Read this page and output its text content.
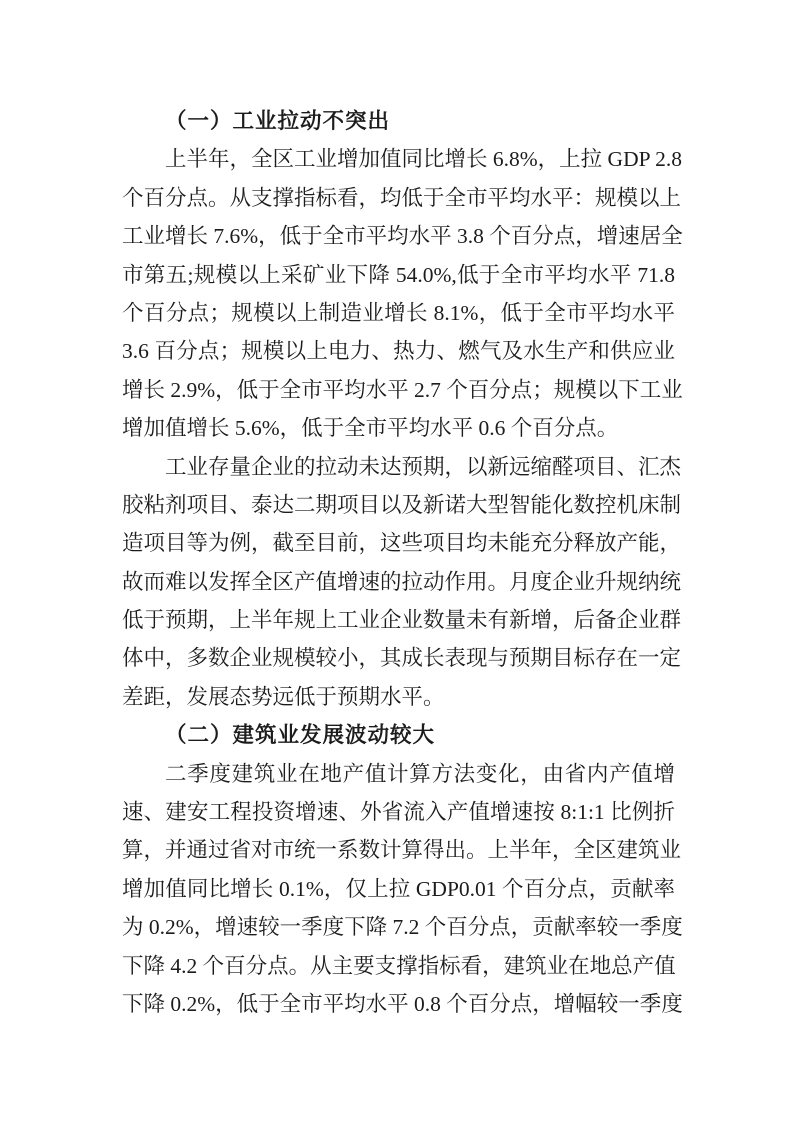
（一）工业拉动不突出
上半年，全区工业增加值同比增长 6.8%，上拉 GDP 2.8
个百分点。从支撑指标看，均低于全市平均水平：规模以上
工业增长 7.6%，低于全市平均水平 3.8 个百分点，增速居全
市第五;规模以上采矿业下降 54.0%,低于全市平均水平 71.8
个百分点；规模以上制造业增长 8.1%，低于全市平均水平
3.6 百分点；规模以上电力、热力、燃气及水生产和供应业
增长 2.9%，低于全市平均水平 2.7 个百分点；规模以下工业
增加值增长 5.6%，低于全市平均水平 0.6 个百分点。
工业存量企业的拉动未达预期，以新远缩醛项目、汇杰
胶粘剂项目、泰达二期项目以及新诺大型智能化数控机床制
造项目等为例，截至目前，这些项目均未能充分释放产能，
故而难以发挥全区产值增速的拉动作用。月度企业升规纳统
低于预期，上半年规上工业企业数量未有新增，后备企业群
体中，多数企业规模较小，其成长表现与预期目标存在一定
差距，发展态势远低于预期水平。
（二）建筑业发展波动较大
二季度建筑业在地产值计算方法变化，由省内产值增
速、建安工程投资增速、外省流入产值增速按 8:1:1 比例折
算，并通过省对市统一系数计算得出。上半年，全区建筑业
增加值同比增长 0.1%，仅上拉 GDP0.01 个百分点，贡献率
为 0.2%，增速较一季度下降 7.2 个百分点，贡献率较一季度
下降 4.2 个百分点。从主要支撑指标看，建筑业在地总产值
下降 0.2%，低于全市平均水平 0.8 个百分点，增幅较一季度
